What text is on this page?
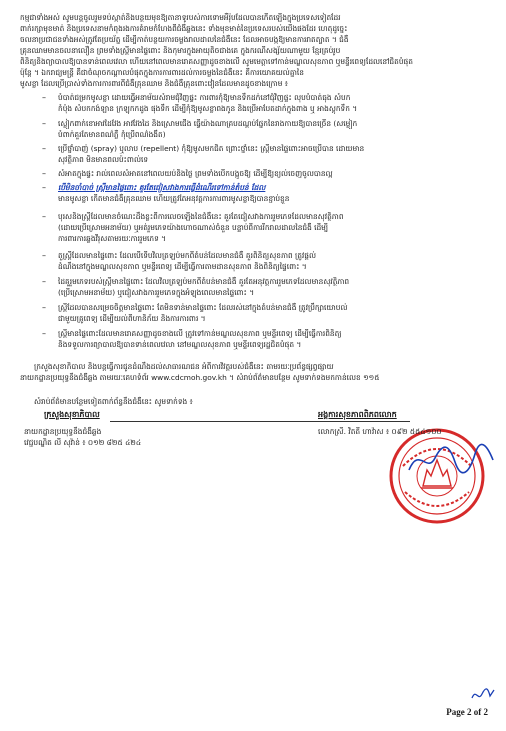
កម្មជាទាំងអស់ សូមបន្តចូលរួមទប់ស្កាត់និងបន្ថយមុខឱ្យតានាទូរបស់ការទោមអឺរ៉ុបដែលបានកើតឡើងក្នុងប្រទេសទៀតដែរ
ពាក់រក្សាមុខមាត់ និងប្រទេសនាមកំពុងរងការគំរាមកំហែងពីជំងឺឆ្លងនេះ ទាំងមុខមាត់នៃប្រទេសរបស់យើងផងដែរ ហេតុដូច្នេះ
ចលនាប្រជាជនទាំងអស់ត្រូវតែប្រយ័ត្ន ដើម្បីកាត់បន្ថយការចម្លងរាលដាលនៃជំងឺនេះ ដែលអាចបង្កឱ្យមានការរាតត្បាត ។ ជំងឺ
គ្រុនឈាមមានចលនាលឿន ព្រមទាំងស្ដ្រីមានផ្ទៃពោះ និងកុមារក្នុងអាយុតិចជាងគេ ក្នុងករណីសង្ស័យណាមួយ ខ្មែរគ្រប់រូប
ពិនិត្យនិងព្យាបាលឱ្យបានទាន់ពេលវេលា ហើយនៅពេលមានរោគសញ្ញាដូចខាងលើ សូមមេត្តាទៅកាន់មណ្ឌលសុខភាព ឬមន្ទីរពេទ្យដែលនៅជិតបំផុត
ប៉ុន្តែ ។ ឯករាជ្យមន្ត្រី គឺជាចំណុចកណ្តាលបំផុតក្នុងការការពារដល់ការចម្លងនៃជំងឺនេះ គឺការយោគយល់គ្នានៃ
មូសខ្លា ដែលប្រើប្រាស់ទាំងការការពារពីជំងឺគ្រុនឈាម និងជំងឺគ្រុនពោះវៀនដែលមានដូចខាងក្រោម ៖
– បំបាត់ជម្រកមូសខ្លា ដោយធ្វើអនាម័យសំរាមជុំវិញផ្ទះ ការពារកុំឱ្យមានទឹកដក់នៅជុំវិញផ្ទះ លុបបំបាត់ធុង សំបក
កំប៉ុង សំបកកង់ឡាន ក្រឡុកកដូង ផុងទឹក ដើម្បីកុំឱ្យមូសខ្លាពងកូន និងប្រើអាបែតដាក់ក្នុងពាង ឬ អាងស្តុកទឹក ។
– ស្លៀកពាក់ខោអាវដៃវែង អាវវែងដៃ និងស្រោមជើង ធ្វើយ៉ាងណាគ្របដណ្តប់ផ្នែកនៃរាងកាយឱ្យបានច្រើន (សម្លៀក
បំពាក់គួរតែមានពណ៌ភ្លឺ កុំប្រើពណ៌ងងឹត)
– ប្រើថ្នាំបាញ់ (spray) ឬលាប (repellent) កុំឱ្យមូសមកជិត ព្រោះថ្នាំនេះ ស្ត្រីមានផ្ទៃពោះអាចប្រើបាន ដោយមាន
សុវត្ថិភាព មិនមានពលប៉ះពាល់ទេ
– សំអាតក្នុងផ្ទះ រាល់ពេលសំអាតនៅពេលយប់និងថ្ងៃ ព្រមទាំងបើកបង្អួចឱ្យ ដើម្បីឱ្យខ្យល់ចេញចូលបានល្អ
– បើមិនចាំបាច់ ស្ត្រីមានផ្ទៃពោះ គួរតែជៀសវាងការធ្វើដំណើរទៅកាន់តំបន់ ដែល
មានមូសខ្លា កើតមានជំងឺគ្រុនឈាម ហើយត្រូវតែអនុវត្តការការពារមូសខ្លាឱ្យបានខ្ជាប់ខ្ជួន
– បុរសនិងស្ត្រីដែលមានចំណេះដឹងខ្លះពីការលេចឡើងនៃជំងឺនេះ គួរតែជៀសវាងការរួមភេទដែលមានសុវត្ថិភាព
(ដោយប្រើស្រោមអនាម័យ) ឬអត់រួមភេទយ៉ាងហោចណាស់ចំនួន បន្ទាប់ពីការរីករាលដាលនៃជំងឺ ដើម្បី
ការពារការឆ្លងវីរុសតាមរយៈការរួមភេទ ។
– តួស្ត្រីដែលមានផ្ទៃពោះ ដែលបើទើបវិលត្រឡប់មកពីតំបន់ដែលមានជំងឺ គួរពិនិត្យសុខភាព ត្រូវផ្ដល់
ដំណឹងនៅក្នុងមណ្ឌលសុខភាព ឬមន្ទីរពេទ្យ ដើម្បីធ្វើការតាមដានសុខភាព និងពិនិត្យផ្ទៃពោះ ។
– ដៃគូរួមភេទរបស់ស្ត្រីមានផ្ទៃពោះ ដែលវិលត្រឡប់មកពីតំបន់មានជំងឺ គួរតែអនុវត្តការរួមភេទដែលមានសុវត្ថិភាព
(ប្រើស្រោមអនាម័យ) ឬជៀសវាងការរួមភេទក្នុងអំឡុងពេលមានផ្ទៃពោះ ។
– ស្ត្រីដែលបានសម្រេចចិត្តមានផ្ទៃពោះ តែមិនទាន់មានផ្ទៃពោះ ដែលរស់នៅក្នុងតំបន់មានជំងឺ ត្រូវប្រឹក្សាយោបល់
ជាមួយគ្រូពេទ្យ ដើម្បីយល់ពីហានិភ័យ និងការការពារ ។
– ស្ត្រីមានផ្ទៃពោះដែលមានរោគសញ្ញាដូចខាងលើ ត្រូវទៅកាន់មណ្ឌលសុខភាព ឬមន្ទីរពេទ្យ ដើម្បីធ្វើការពិនិត្យ
និងទទួលការព្យាបាលឱ្យបានទាន់ពេលវេលា នៅមណ្ឌលសុខភាព ឬមន្ទីរពេទ្យរដ្ឋជិតបំផុត ។
ក្រសួងសុខាភិបាល និងបន្តធ្វើការជូនដំណឹងដល់សាធារណជន អំពីការវិវត្តរបស់ជំងឺនេះ តាមរយៈប្រព័ន្ធផ្សព្វផ្សាយ
នាយកដ្ឋានប្រយុទ្ធនឹងជំងឺឆ្លង តាមរយៈគេហទំព័រ www.cdcmoh.gov.kh ។ សំរាប់ព័ត៌មានបន្ថែម សូមទាក់ទងមកកាន់លេខ ១១៥
សំរាប់ព័ត៌មានបន្ថែមទៀតពាក់ព័ន្ធនឹងជំងឺនេះ សូមទាក់ទង ៖
ក្រសួងសុខាភិបាល	អង្គការសុខភាពពិភពលោក
នាយកដ្ឋានប្រយុទ្ធនឹងជំងឺឆ្លង
វេជ្ជបណ្ឌិត លី សុវ៉ាន់ ៖ ០១២ ៨២៥ ៤២៤
លោកស្រី. វិតតី ហាវ៉ាស ៖ ០៩២ ៥៥៤១០០
Page 2 of 2
